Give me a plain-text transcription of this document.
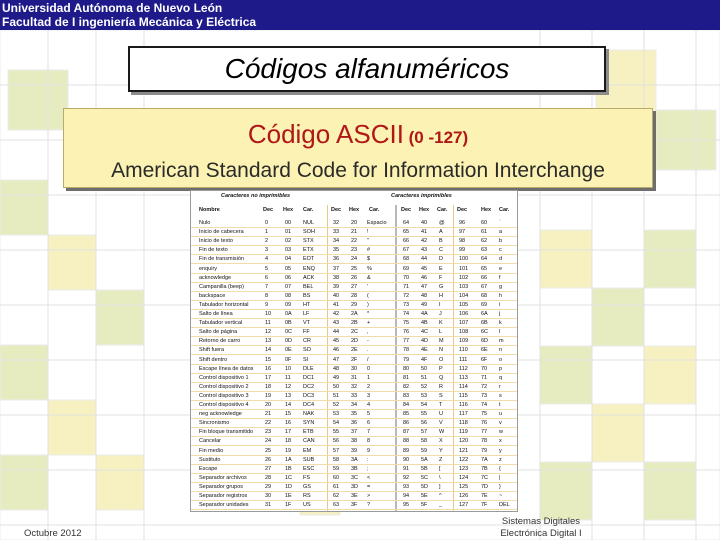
Universidad Autónoma de Nuevo León
Facultad de I ingeniería Mecánica y Eléctrica
Códigos alfanuméricos
Código ASCII (0 -127)
American Standard Code for Information Interchange
Caracteres no imprimibles	Caracteres imprimibles
Nombre	Dec Hex Car.	Dec Hex Car.	Dec Hex Car. Dec	Hex Car.
Nulo	0	00 NUL	32 20 Espacio	64 40 @	96	60 `
Inicio de cabecera	1	01 SOH	33 21 !	65 41 A	97	61 a
Inicio de texto	2	02 STX	34 22 "	66 42 B	98	62 b
Fin de texto	3	03 ETX	35 23 #	67 43 C	99	63 c
Fin de transmisión	4	04 EOT	36 24 $	68 44 D	100 64 d
enquiry	5	05 ENQ	37 25 %	69 45 E	101 65 e
acknowledge	6	06 ACK	38 26 &	70 46 F	102 66 f
Campanilla (beep)	7	07 BEL	39 27 '	71 47 G	103 67 g
backspace	8	08 BS	40 28 (	72 48 H	104 68 h
Tabulador horizontal	9	09 HT	41 29 )	73 49 I	105 69 i
Salto de línea	10	0A LF	42 2A *	74 4A J	106 6A j
Tabulador vertical	11	0B VT	43 2B +	75 4B K	107 6B k
Salto de página	12	0C FF	44 2C ,	76 4C L	108 6C l
Retorno de carro	13	0D CR	45 2D -	77 4D M	109 6D m
Shift fuera	14	0E SO	46 2E .	78 4E N	110 6E n
Shift dentro	15	0F SI	47 2F /	79 4F O	111 6F o
Escape línea de datos	16	10 DLE	48 30 0	80 50 P	112 70 p
Control dispositivo 1	17	11 DC1	49 31 1	81 51 Q	113 71 q
Control dispositivo 2	18	12 DC2	50 32 2	82 52 R	114 72 r
Control dispositivo 3	19	13 DC3	51 33 3	83 53 S	115 73 s
Control dispositivo 4	20	14 DC4	52 34 4	84 54 T	116 74 t
neg acknowledge	21	15 NAK	53 35 5	85 55 U	117 75 u
Sincronismo	22	16 SYN	54 36 6	86 56 V	118 76 v
Fin bloque transmitido	23	17 ETB	55 37 7	87 57 W	119 77 w
Cancelar	24	18 CAN	56 38 8	88 58 X	120 78 x
Fin medio	25	19 EM	57 39 9	89 59 Y	121 79 y
Sustituto	26	1A SUB	58 3A :	90 5A Z	122 7A z
Escape	27	1B ESC	59 3B ;	91 5B [	123 7B {
Separador archivos	28	1C FS	60 3C <	92 5C \	124 7C |
Separador grupos	29	1D GS	61 3D =	93 5D ]	125 7D }
Separador registros	30	1E RS	62 3E >	94 5E ^	126 7E ~
Separador unidades	31	1F US	63 3F ?	95 5F _	127 7F DEL
Octubre 2012
Sistemas Digitales
Electrónica Digital I
